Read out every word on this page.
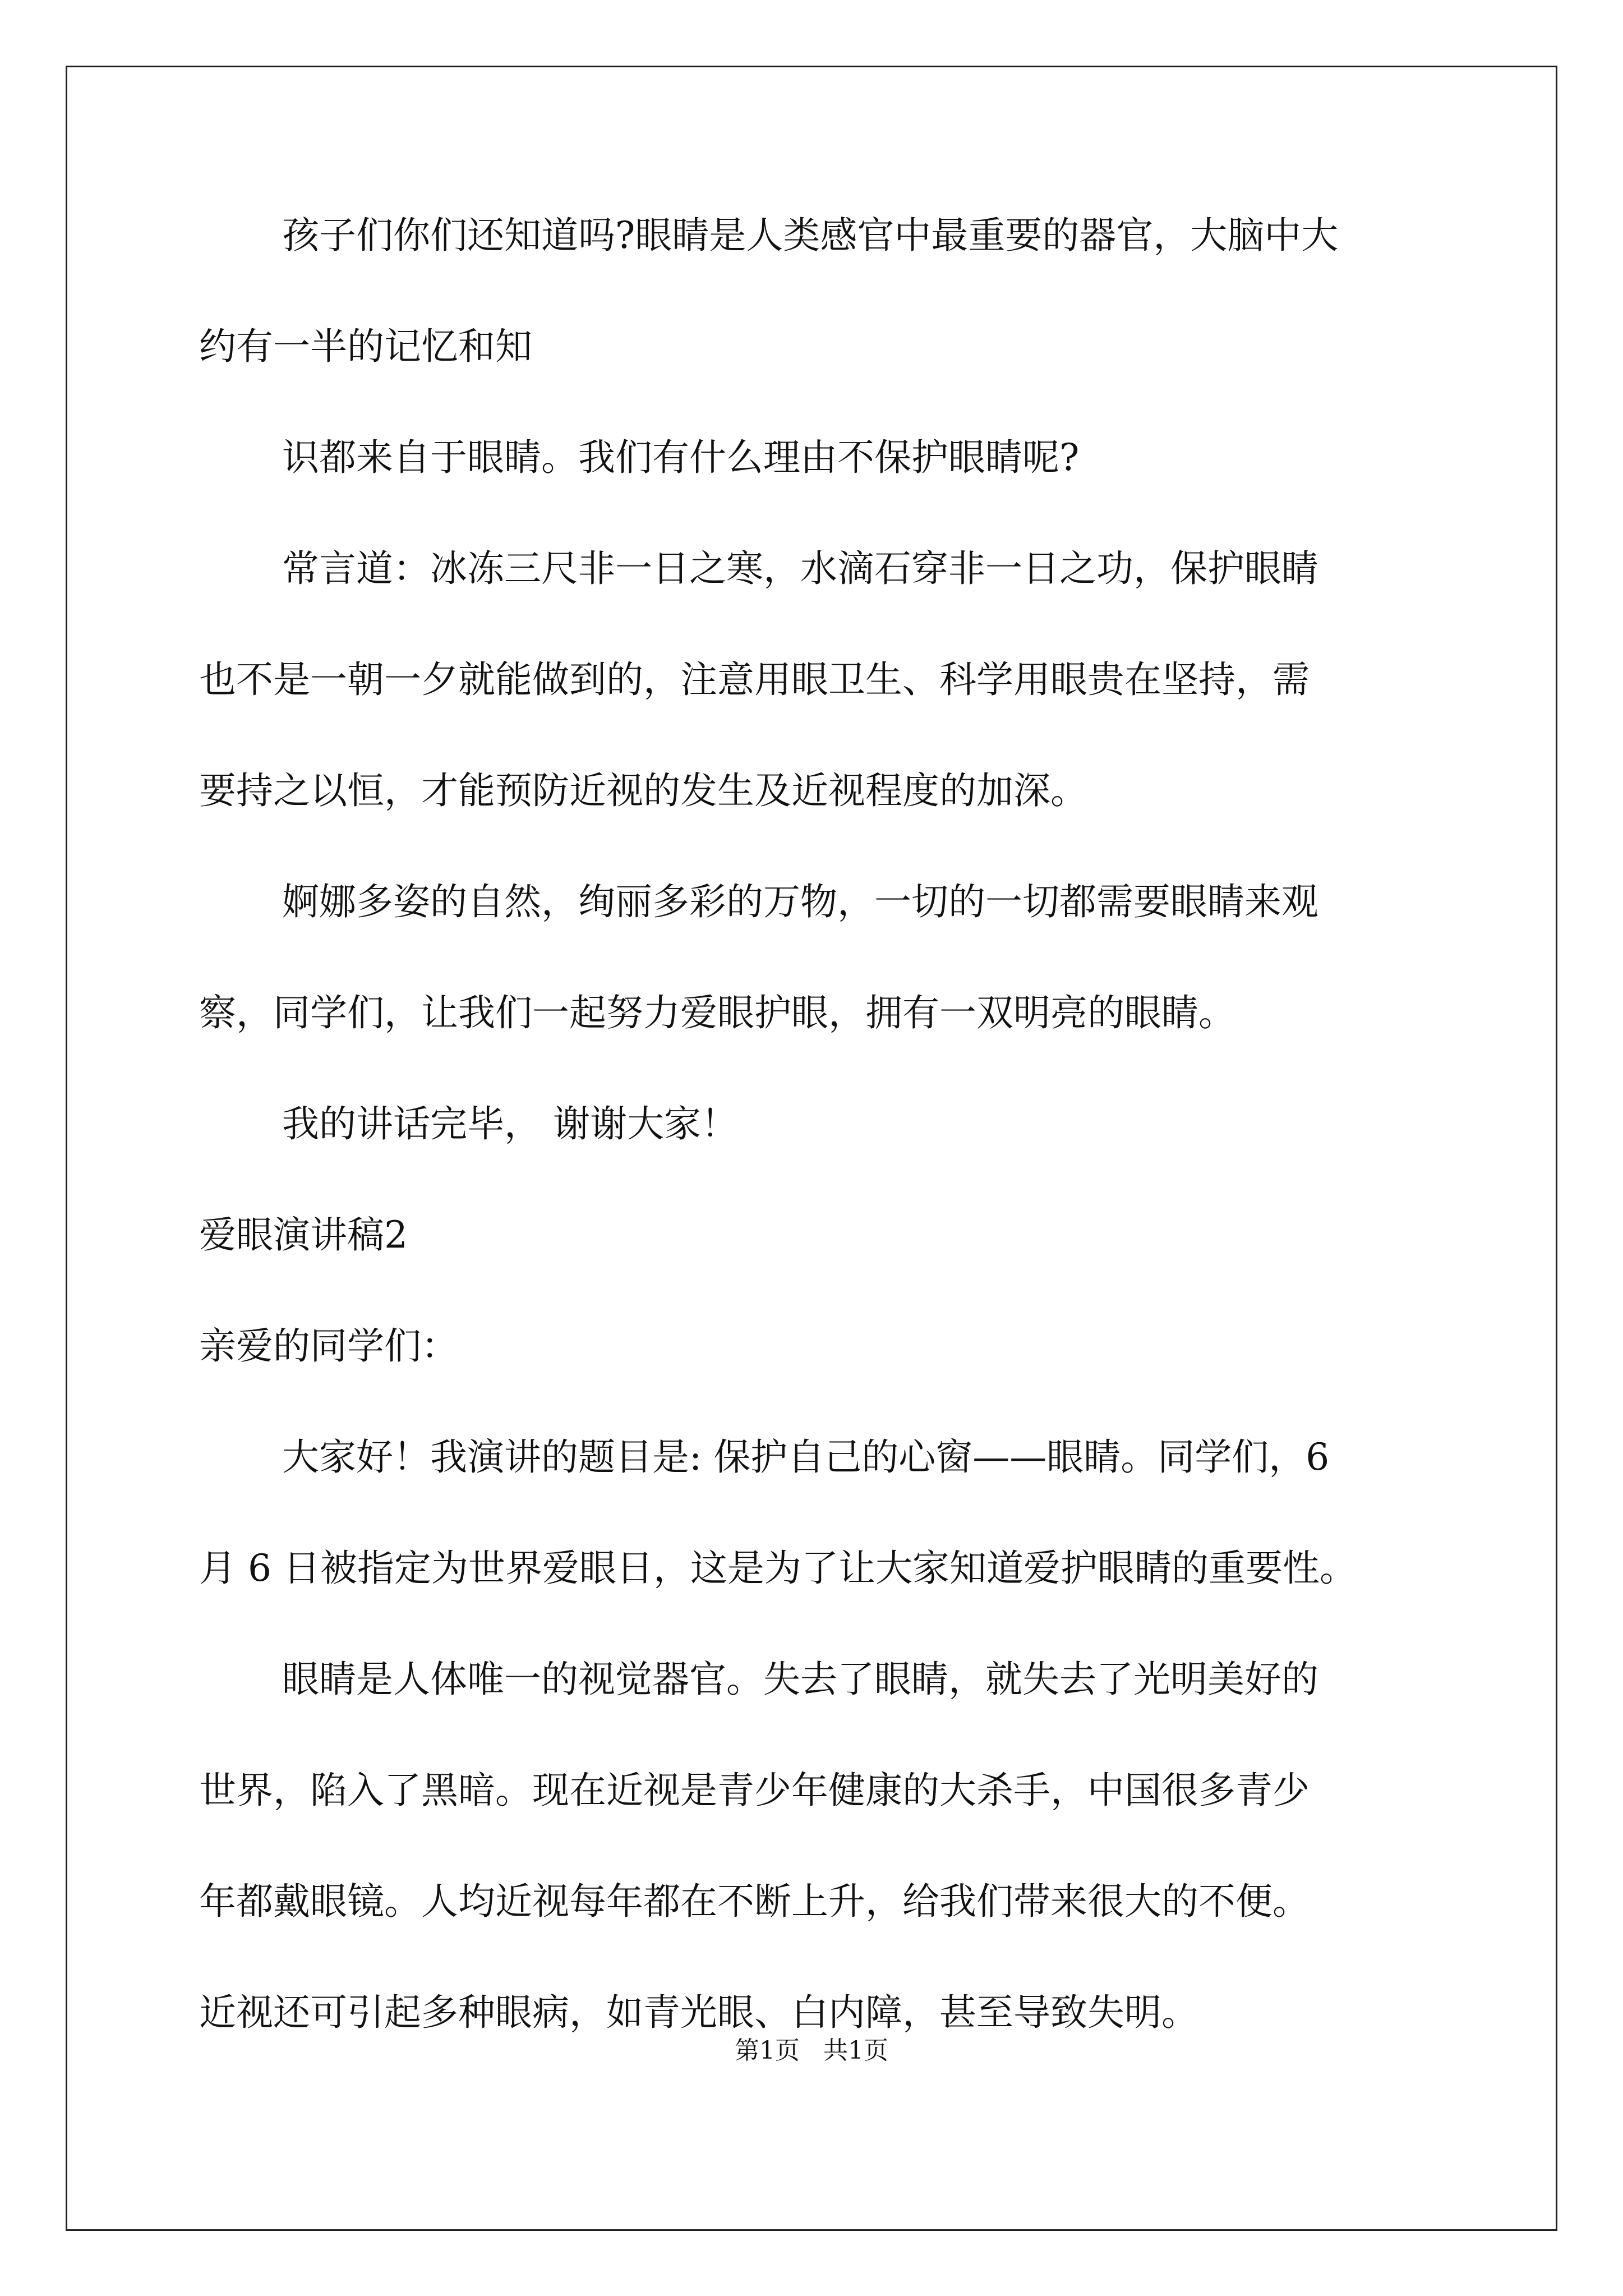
孩子们你们还知道吗?眼睛是人类感官中最重要的器官，大脑中大
约有一半的记忆和知
识都来自于眼睛。我们有什么理由不保护眼睛呢?
常言道：冰冻三尺非一日之寒，水滴石穿非一日之功，保护眼睛
也不是一朝一夕就能做到的，注意用眼卫生、科学用眼贵在坚持，需
要持之以恒，才能预防近视的发生及近视程度的加深。
婀娜多姿的自然，绚丽多彩的万物，一切的一切都需要眼睛来观
察，同学们，让我们一起努力爱眼护眼，拥有一双明亮的眼睛。
我的讲话完毕， 谢谢大家！
爱眼演讲稿2
亲爱的同学们：
大家好！我演讲的题目是: 保护自己的心窗——眼睛。同学们，6
月 6 日被指定为世界爱眼日，这是为了让大家知道爱护眼睛的重要性。
眼睛是人体唯一的视觉器官。失去了眼睛，就失去了光明美好的
世界，陷入了黑暗。现在近视是青少年健康的大杀手，中国很多青少
年都戴眼镜。人均近视每年都在不断上升，给我们带来很大的不便。
近视还可引起多种眼病，如青光眼、白内障，甚至导致失明。
第1页   共1页
